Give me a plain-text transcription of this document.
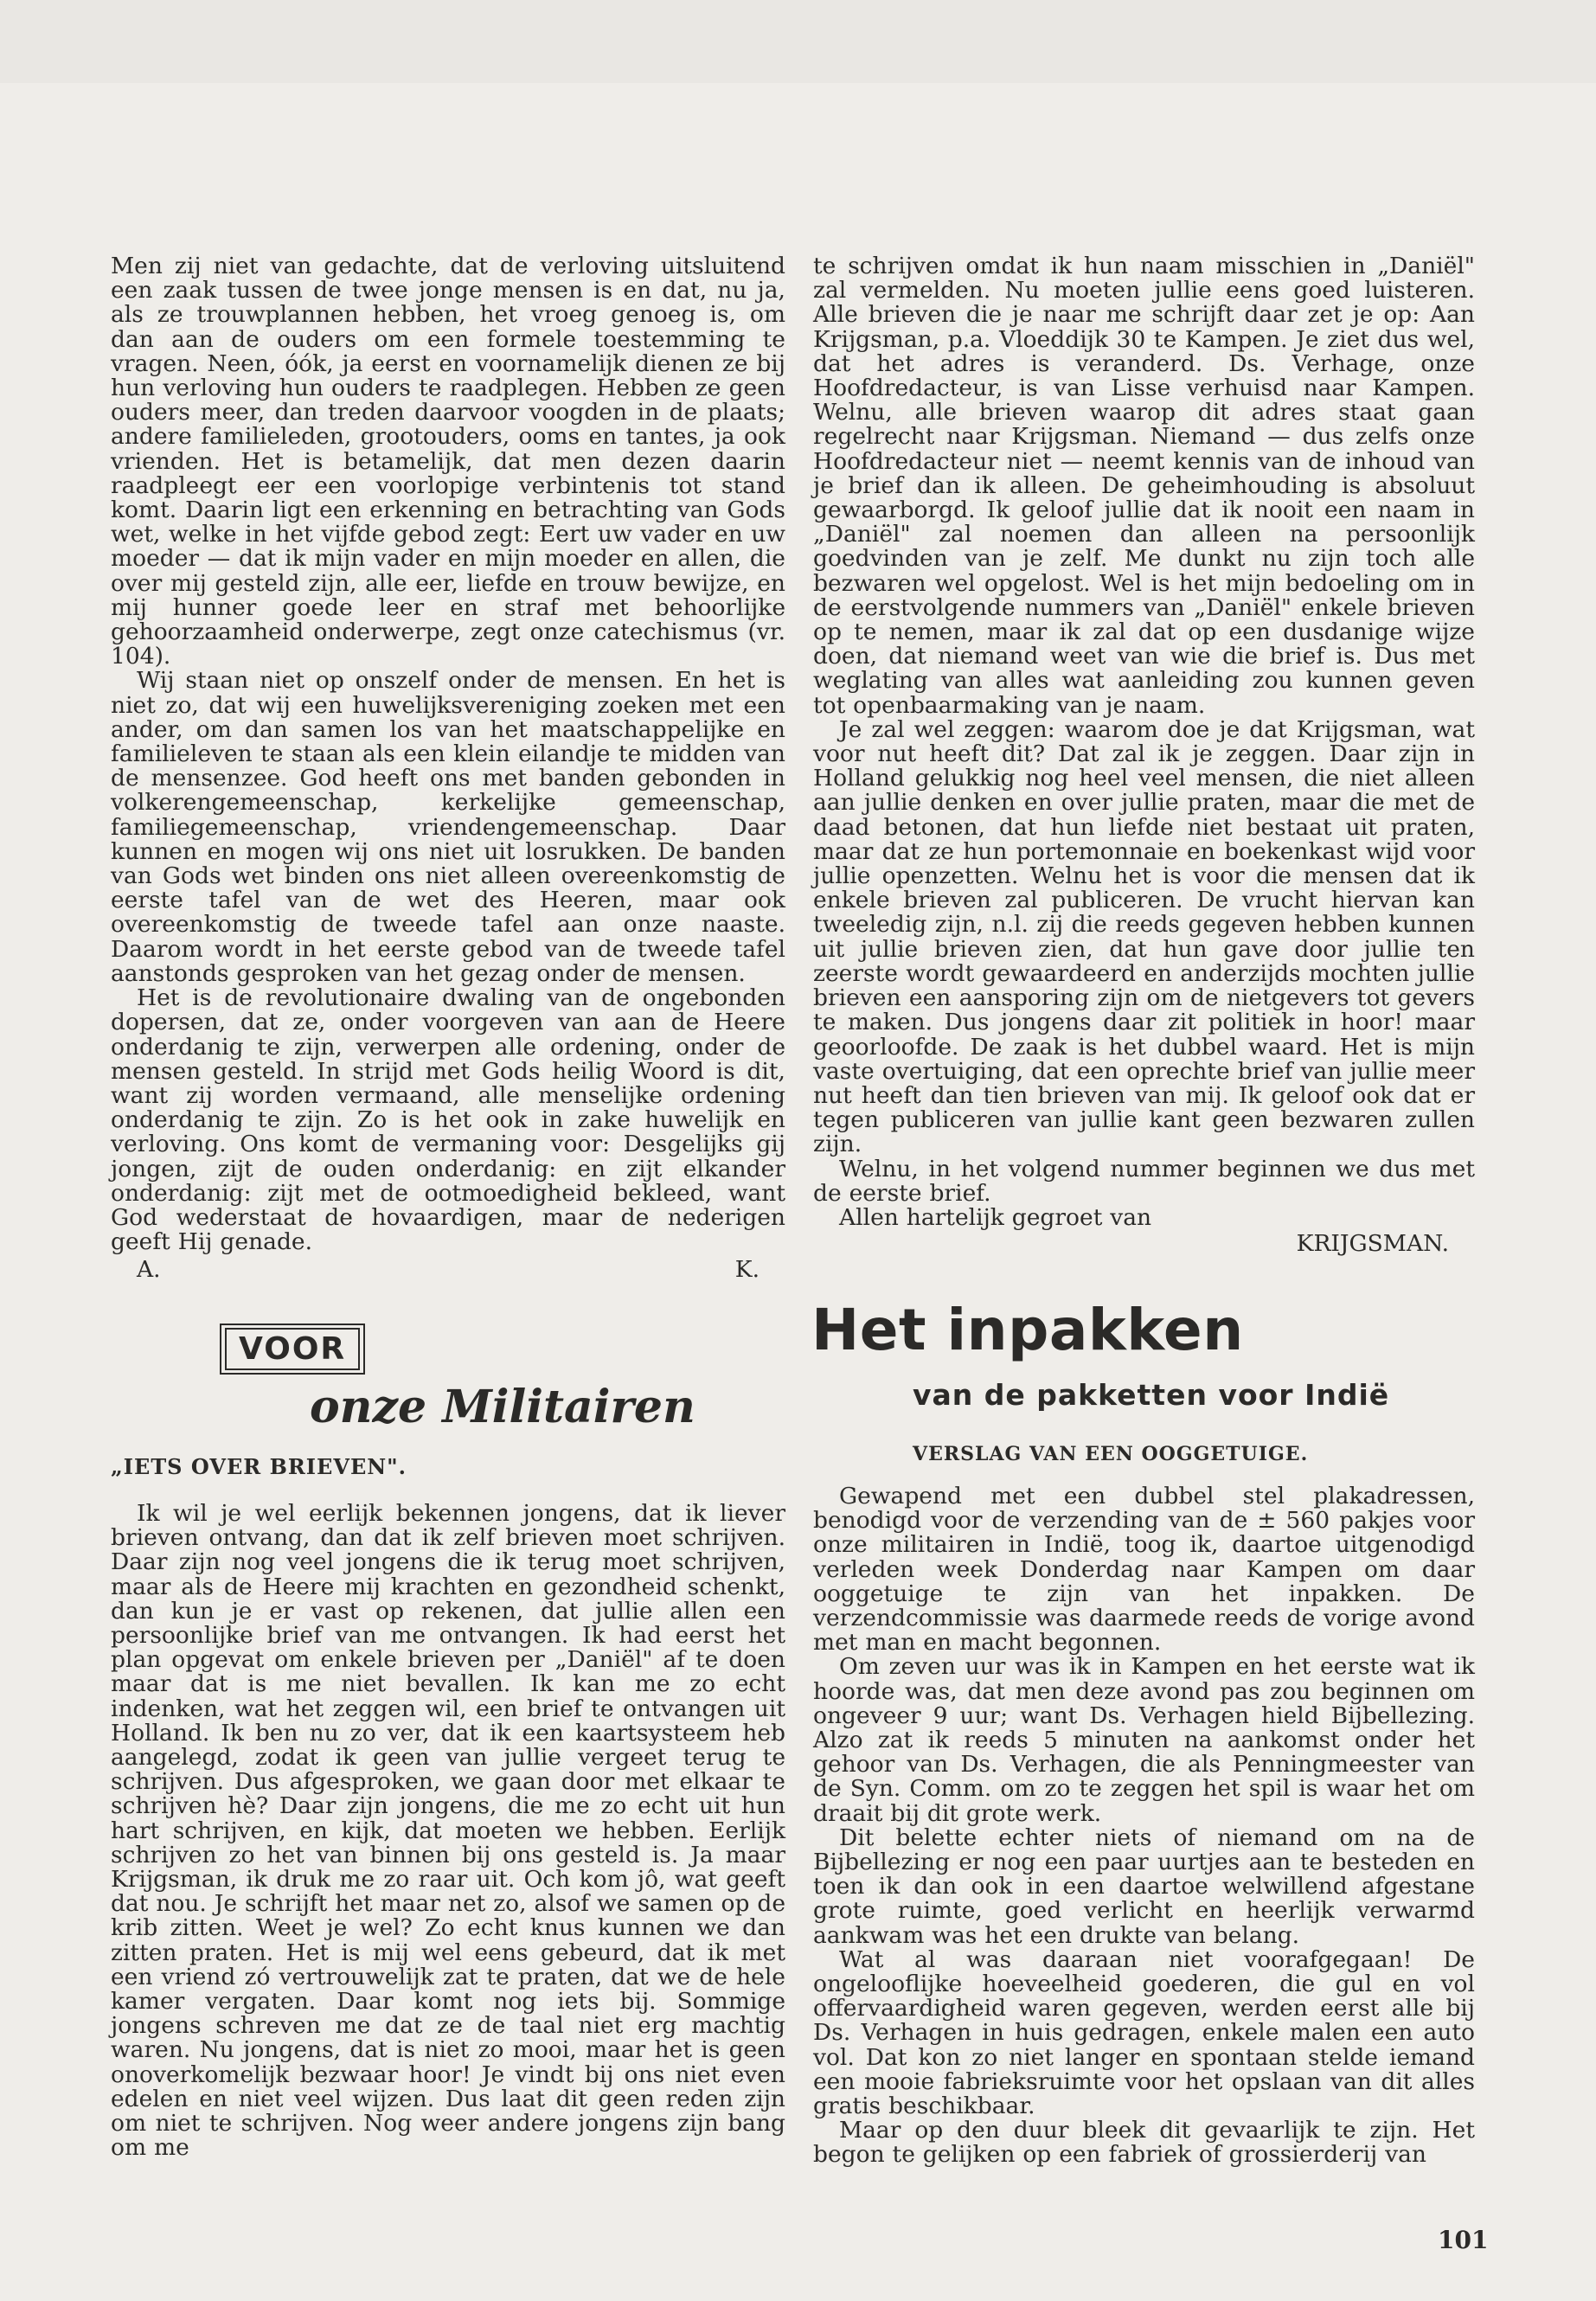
Men zij niet van gedachte, dat de verloving uitsluitend een zaak tussen de twee jonge mensen is en dat, nu ja, als ze trouwplannen hebben, het vroeg genoeg is, om dan aan de ouders om een formele toestemming te vragen. Neen, óók, ja eerst en voornamelijk dienen ze bij hun verloving hun ouders te raadplegen. Hebben ze geen ouders meer, dan treden daarvoor voogden in de plaats; andere familieleden, grootouders, ooms en tantes, ja ook vrienden. Het is betamelijk, dat men dezen daarin raadpleegt eer een voorlopige verbintenis tot stand komt. Daarin ligt een erkenning en betrachting van Gods wet, welke in het vijfde gebod zegt: Eert uw vader en uw moeder — dat ik mijn vader en mijn moeder en allen, die over mij gesteld zijn, alle eer, liefde en trouw bewijze, en mij hunner goede leer en straf met behoorlijke gehoorzaamheid onderwerpe, zegt onze catechismus (vr. 104).

Wij staan niet op onszelf onder de mensen. En het is niet zo, dat wij een huwelijksvereniging zoeken met een ander, om dan samen los van het maatschappelijke en familieleven te staan als een klein eilandje te midden van de mensenzee. God heeft ons met banden gebonden in volkerengemeenschap, kerkelijke gemeenschap, familiegemeenschap, vriendengemeenschap. Daar kunnen en mogen wij ons niet uit losrukken. De banden van Gods wet binden ons niet alleen overeenkomstig de eerste tafel van de wet des Heeren, maar ook overeenkomstig de tweede tafel aan onze naaste. Daarom wordt in het eerste gebod van de tweede tafel aanstonds gesproken van het gezag onder de mensen.

Het is de revolutionaire dwaling van de ongebonden dopersen, dat ze, onder voorgeven van aan de Heere onderdanig te zijn, verwerpen alle ordening, onder de mensen gesteld. In strijd met Gods heilig Woord is dit, want zij worden vermaand, alle menselijke ordening onderdanig te zijn. Zo is het ook in zake huwelijk en verloving. Ons komt de vermaning voor: Desgelijks gij jongen, zijt de ouden onderdanig: en zijt elkander onderdanig: zijt met de ootmoedigheid bekleed, want God wederstaat de hovaardigen, maar de nederigen geeft Hij genade.

A.	K.
VOOR
onze Militairen
„IETS OVER BRIEVEN".

Ik wil je wel eerlijk bekennen jongens, dat ik liever brieven ontvang, dan dat ik zelf brieven moet schrijven. Daar zijn nog veel jongens die ik terug moet schrijven, maar als de Heere mij krachten en gezondheid schenkt, dan kun je er vast op rekenen, dat jullie allen een persoonlijke brief van me ontvangen. Ik had eerst het plan opgevat om enkele brieven per „Daniël" af te doen maar dat is me niet bevallen. Ik kan me zo echt indenken, wat het zeggen wil, een brief te ontvangen uit Holland. Ik ben nu zo ver, dat ik een kaartsysteem heb aangelegd, zodat ik geen van jullie vergeet terug te schrijven. Dus afgesproken, we gaan door met elkaar te schrijven hè? Daar zijn jongens, die me zo echt uit hun hart schrijven, en kijk, dat moeten we hebben. Eerlijk schrijven zo het van binnen bij ons gesteld is. Ja maar Krijgsman, ik druk me zo raar uit. Och kom jô, wat geeft dat nou. Je schrijft het maar net zo, alsof we samen op de krib zitten. Weet je wel? Zo echt knus kunnen we dan zitten praten. Het is mij wel eens gebeurd, dat ik met een vriend zó vertrouwelijk zat te praten, dat we de hele kamer vergaten. Daar komt nog iets bij. Sommige jongens schreven me dat ze de taal niet erg machtig waren. Nu jongens, dat is niet zo mooi, maar het is geen onoverkomelijk bezwaar hoor! Je vindt bij ons niet even edelen en niet veel wijzen. Dus laat dit geen reden zijn om niet te schrijven. Nog weer andere jongens zijn bang om me

te schrijven omdat ik hun naam misschien in „Daniël" zal vermelden. Nu moeten jullie eens goed luisteren. Alle brieven die je naar me schrijft daar zet je op: Aan Krijgsman, p.a. Vloeddijk 30 te Kampen. Je ziet dus wel, dat het adres is veranderd. Ds. Verhage, onze Hoofdredacteur, is van Lisse verhuisd naar Kampen. Welnu, alle brieven waarop dit adres staat gaan regelrecht naar Krijgsman. Niemand — dus zelfs onze Hoofdredacteur niet — neemt kennis van de inhoud van je brief dan ik alleen. De geheimhouding is absoluut gewaarborgd. Ik geloof jullie dat ik nooit een naam in „Daniël" zal noemen dan alleen na persoonlijk goedvinden van je zelf. Me dunkt nu zijn toch alle bezwaren wel opgelost. Wel is het mijn bedoeling om in de eerstvolgende nummers van „Daniël" enkele brieven op te nemen, maar ik zal dat op een dusdanige wijze doen, dat niemand weet van wie die brief is. Dus met weglating van alles wat aanleiding zou kunnen geven tot openbaarmaking van je naam.

Je zal wel zeggen: waarom doe je dat Krijgsman, wat voor nut heeft dit? Dat zal ik je zeggen. Daar zijn in Holland gelukkig nog heel veel mensen, die niet alleen aan jullie denken en over jullie praten, maar die met de daad betonen, dat hun liefde niet bestaat uit praten, maar dat ze hun portemonnaie en boekenkast wijd voor jullie openzetten. Welnu het is voor die mensen dat ik enkele brieven zal publiceren. De vrucht hiervan kan tweeledig zijn, n.l. zij die reeds gegeven hebben kunnen uit jullie brieven zien, dat hun gave door jullie ten zeerste wordt gewaardeerd en anderzijds mochten jullie brieven een aansporing zijn om de nietgevers tot gevers te maken. Dus jongens daar zit politiek in hoor! maar geoorloofde. De zaak is het dubbel waard. Het is mijn vaste overtuiging, dat een oprechte brief van jullie meer nut heeft dan tien brieven van mij. Ik geloof ook dat er tegen publiceren van jullie kant geen bezwaren zullen zijn.

Welnu, in het volgend nummer beginnen we dus met de eerste brief.

Allen hartelijk gegroet van

KRIJGSMAN.
Het inpakken
van de pakketten voor Indië
VERSLAG VAN EEN OOGGETUIGE.

Gewapend met een dubbel stel plakadressen, benodigd voor de verzending van de ± 560 pakjes voor onze militairen in Indië, toog ik, daartoe uitgenodigd verleden week Donderdag naar Kampen om daar ooggetuige te zijn van het inpakken. De verzendcommissie was daarmede reeds de vorige avond met man en macht begonnen.

Om zeven uur was ik in Kampen en het eerste wat ik hoorde was, dat men deze avond pas zou beginnen om ongeveer 9 uur; want Ds. Verhagen hield Bijbellezing. Alzo zat ik reeds 5 minuten na aankomst onder het gehoor van Ds. Verhagen, die als Penningmeester van de Syn. Comm. om zo te zeggen het spil is waar het om draait bij dit grote werk.

Dit belette echter niets of niemand om na de Bijbellezing er nog een paar uurtjes aan te besteden en toen ik dan ook in een daartoe welwillend afgestane grote ruimte, goed verlicht en heerlijk verwarmd aankwam was het een drukte van belang.

Wat al was daaraan niet voorafgegaan! De ongelooflijke hoeveelheid goederen, die gul en vol offervaardigheid waren gegeven, werden eerst alle bij Ds. Verhagen in huis gedragen, enkele malen een auto vol. Dat kon zo niet langer en spontaan stelde iemand een mooie fabrieksruimte voor het opslaan van dit alles gratis beschikbaar.

Maar op den duur bleek dit gevaarlijk te zijn. Het begon te gelijken op een fabriek of grossierderij van

101
